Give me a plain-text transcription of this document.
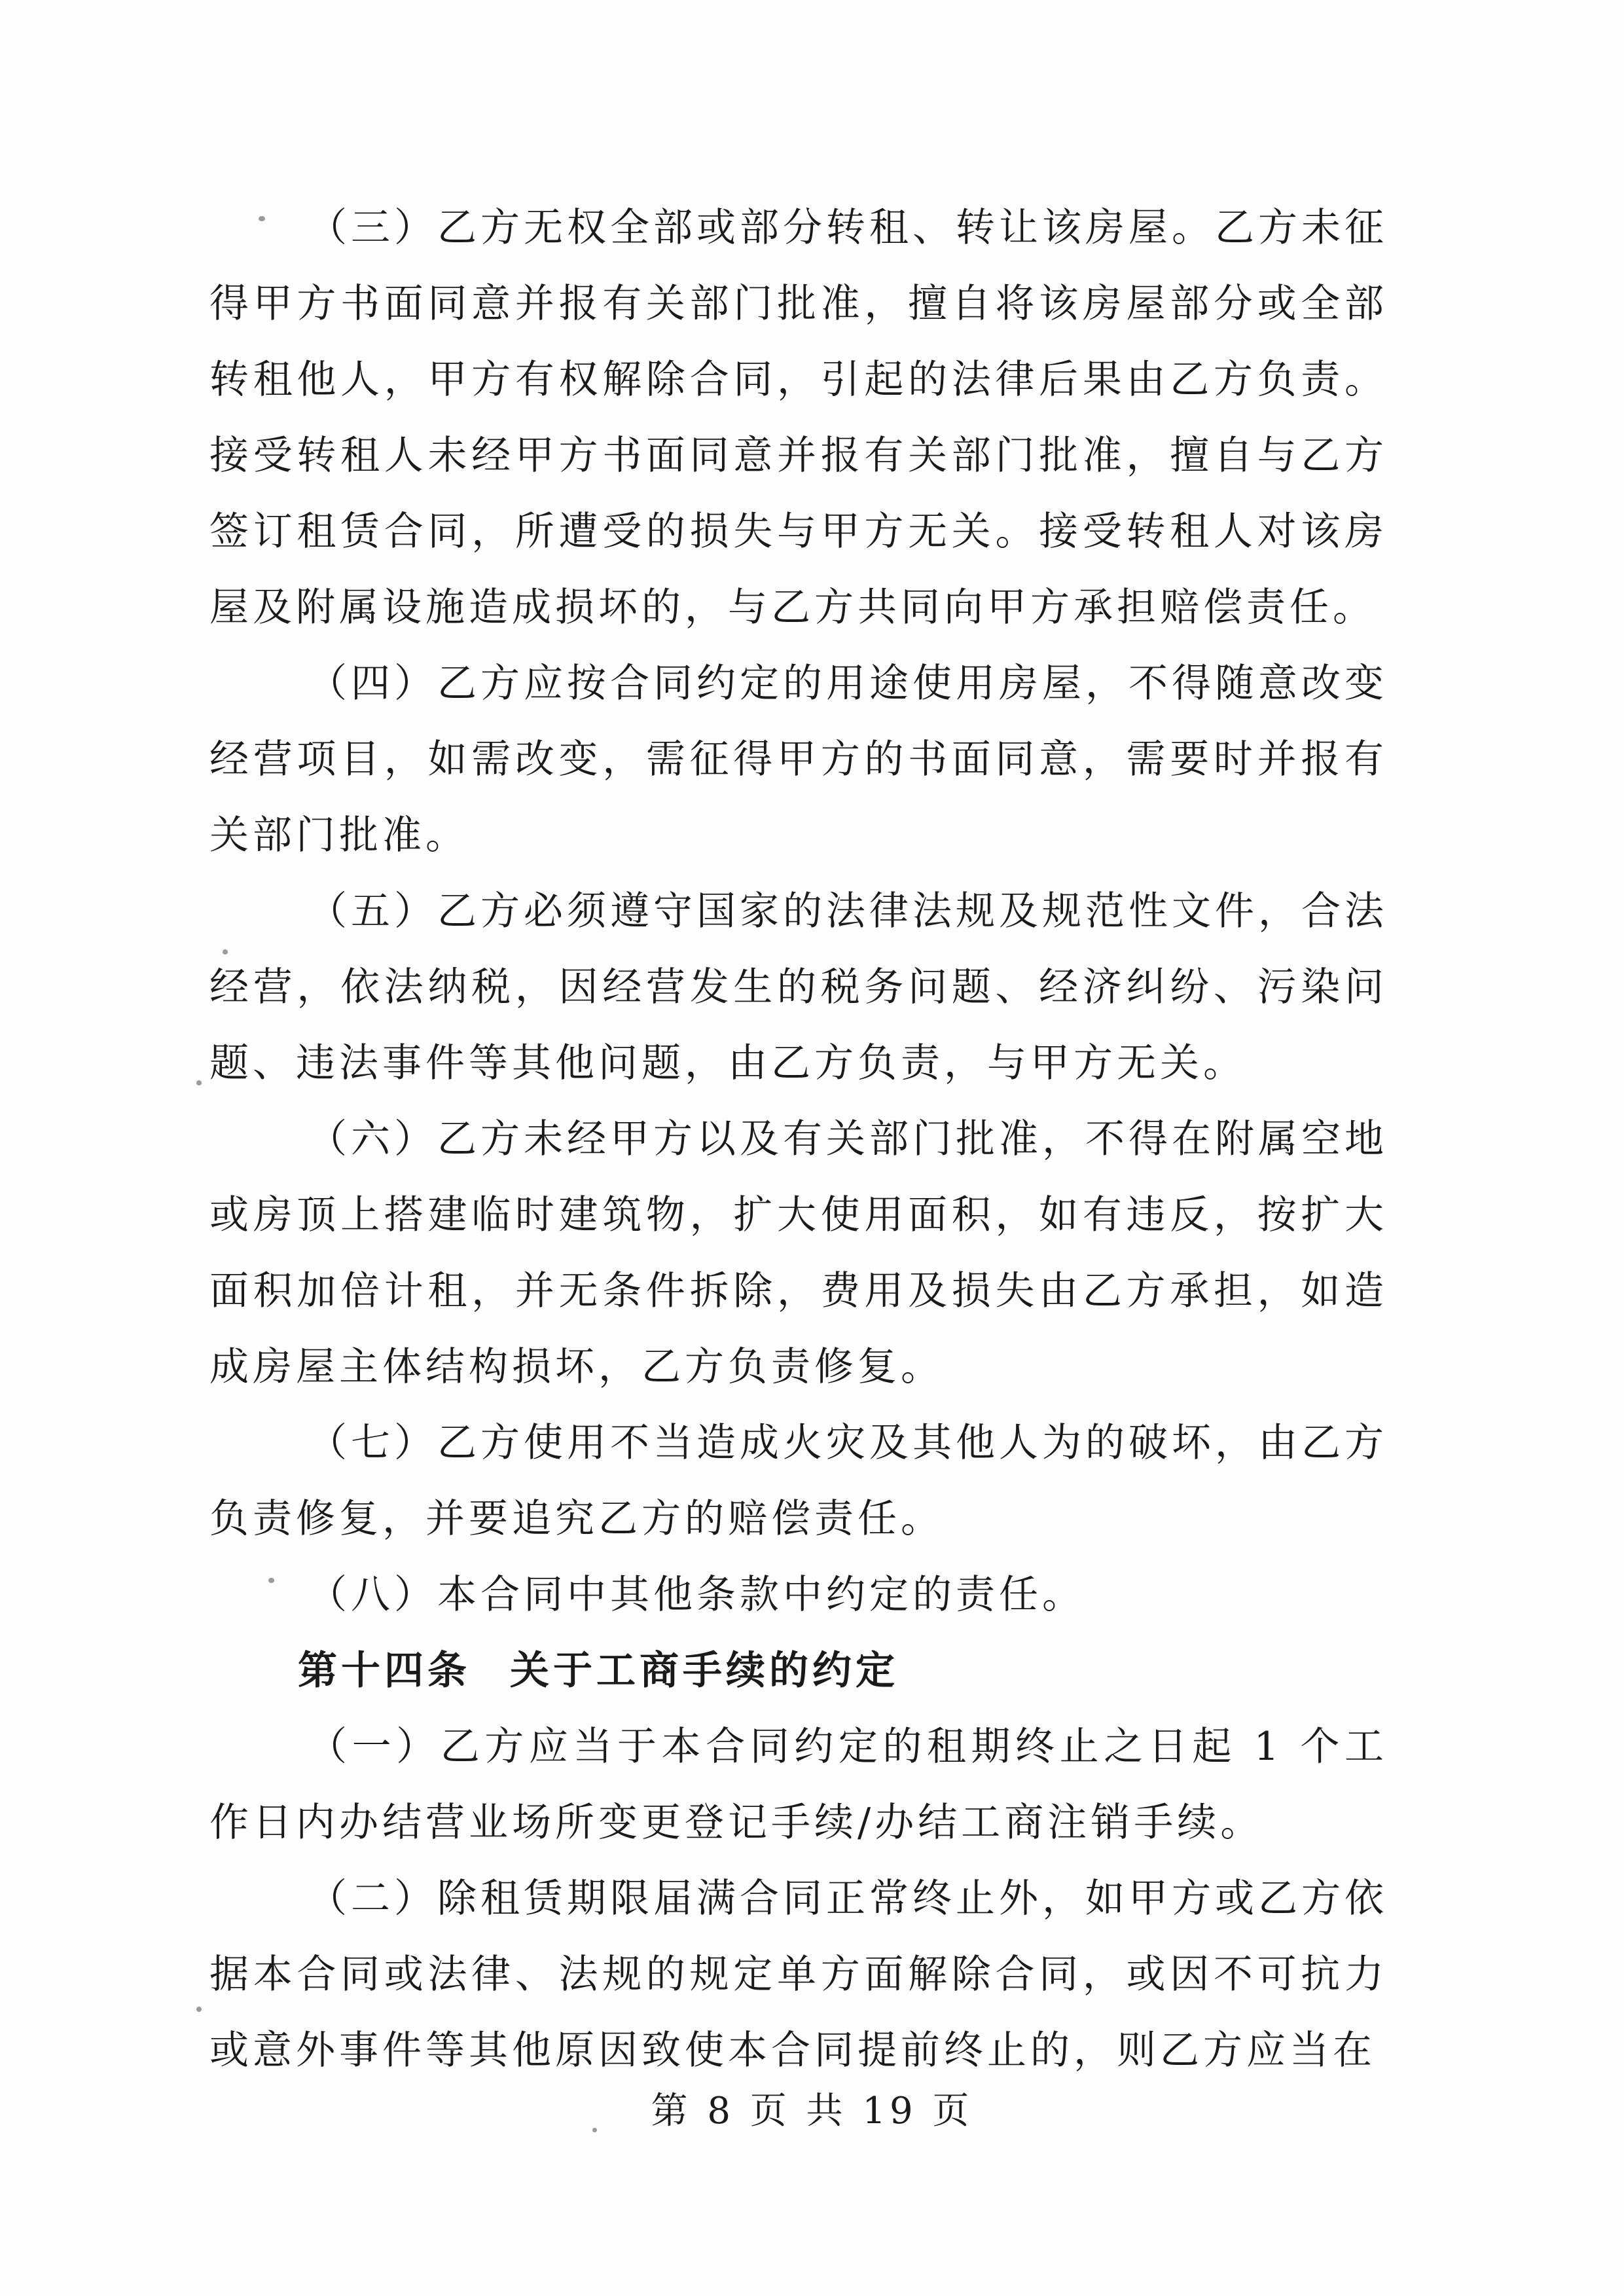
（三）乙方无权全部或部分转租、转让该房屋。乙方未征得甲方书面同意并报有关部门批准，擅自将该房屋部分或全部转租他人，甲方有权解除合同，引起的法律后果由乙方负责。接受转租人未经甲方书面同意并报有关部门批准，擅自与乙方签订租赁合同，所遭受的损失与甲方无关。接受转租人对该房屋及附属设施造成损坏的，与乙方共同向甲方承担赔偿责任。

（四）乙方应按合同约定的用途使用房屋，不得随意改变经营项目，如需改变，需征得甲方的书面同意，需要时并报有关部门批准。

（五）乙方必须遵守国家的法律法规及规范性文件，合法经营，依法纳税，因经营发生的税务问题、经济纠纷、污染问题、违法事件等其他问题，由乙方负责，与甲方无关。

（六）乙方未经甲方以及有关部门批准，不得在附属空地或房顶上搭建临时建筑物，扩大使用面积，如有违反，按扩大面积加倍计租，并无条件拆除，费用及损失由乙方承担，如造成房屋主体结构损坏，乙方负责修复。

（七）乙方使用不当造成火灾及其他人为的破坏，由乙方负责修复，并要追究乙方的赔偿责任。

（八）本合同中其他条款中约定的责任。

第十四条 关于工商手续的约定

（一）乙方应当于本合同约定的租期终止之日起 1 个工作日内办结营业场所变更登记手续/办结工商注销手续。

（二）除租赁期限届满合同正常终止外，如甲方或乙方依据本合同或法律、法规的规定单方面解除合同，或因不可抗力或意外事件等其他原因致使本合同提前终止的，则乙方应当在

第 8 页 共 19 页
